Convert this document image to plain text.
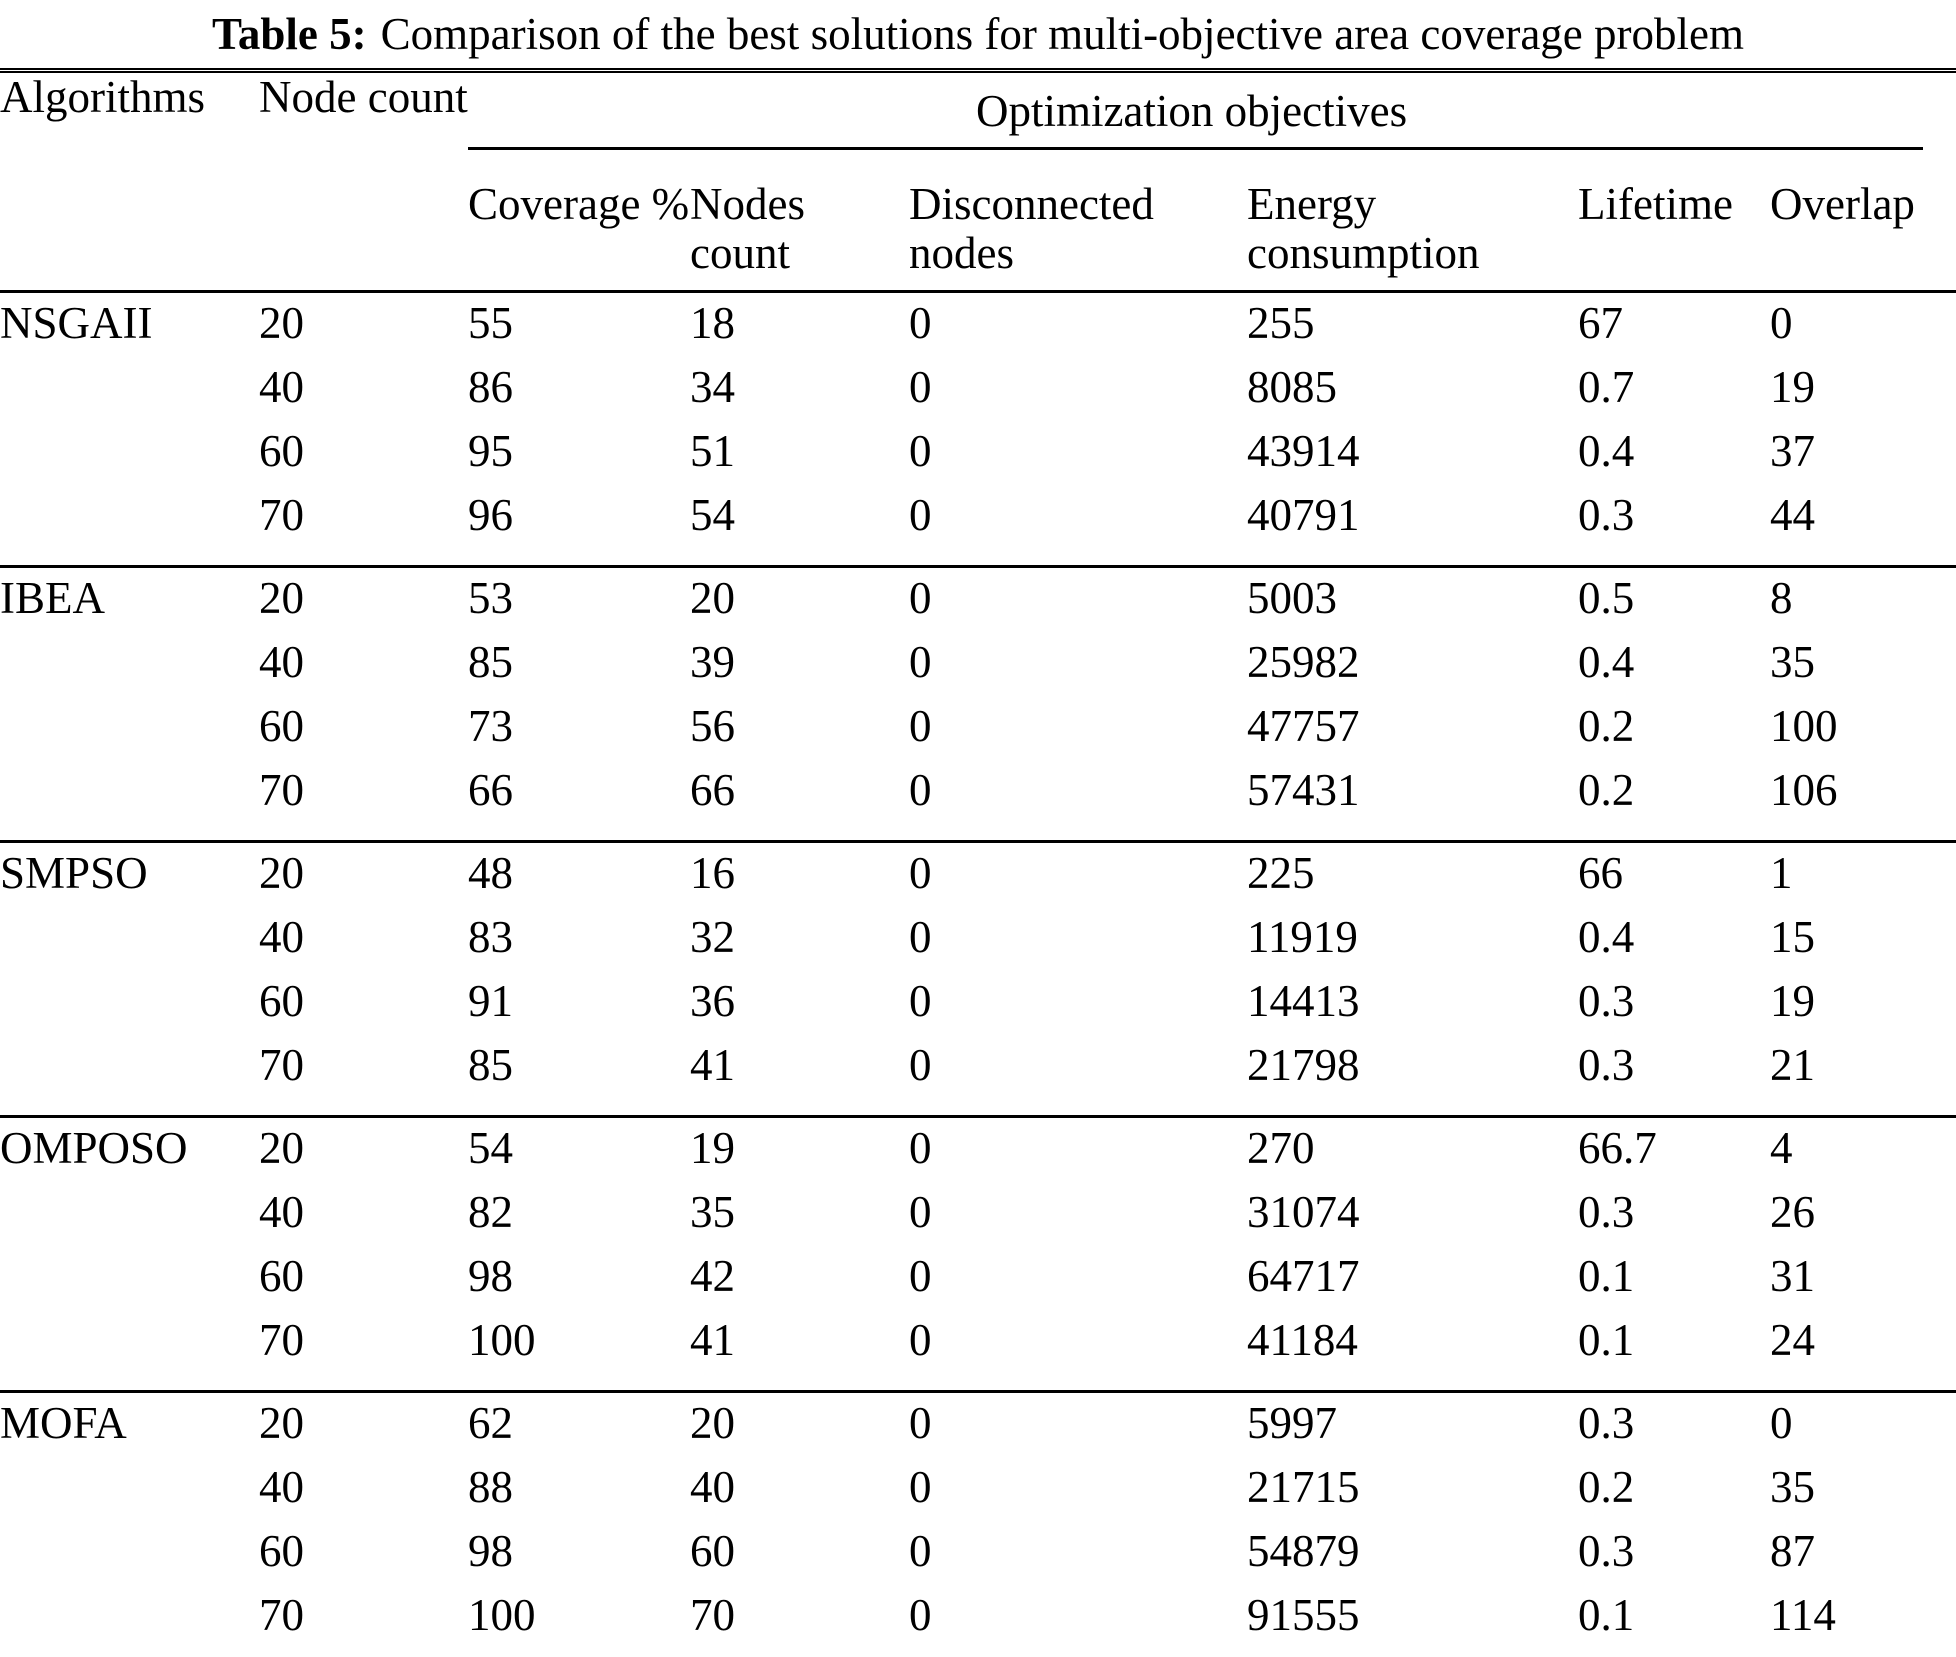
Table 5: Comparison of the best solutions for multi-objective area coverage problem
Algorithms	Node count	Optimization objectives					

		Coverage %	Nodes count	Disconnected nodes	Energy consumption	Lifetime	Overlap
NSGAII	20	55	18	0	255	67	0
	40	86	34	0	8085	0.7	19
	60	95	51	0	43914	0.4	37
	70	96	54	0	40791	0.3	44
IBEA	20	53	20	0	5003	0.5	8
	40	85	39	0	25982	0.4	35
	60	73	56	0	47757	0.2	100
	70	66	66	0	57431	0.2	106
SMPSO	20	48	16	0	225	66	1
	40	83	32	0	11919	0.4	15
	60	91	36	0	14413	0.3	19
	70	85	41	0	21798	0.3	21
OMPOSO	20	54	19	0	270	66.7	4
	40	82	35	0	31074	0.3	26
	60	98	42	0	64717	0.1	31
	70	100	41	0	41184	0.1	24
MOFA	20	62	20	0	5997	0.3	0
	40	88	40	0	21715	0.2	35
	60	98	60	0	54879	0.3	87
	70	100	70	0	91555	0.1	114
